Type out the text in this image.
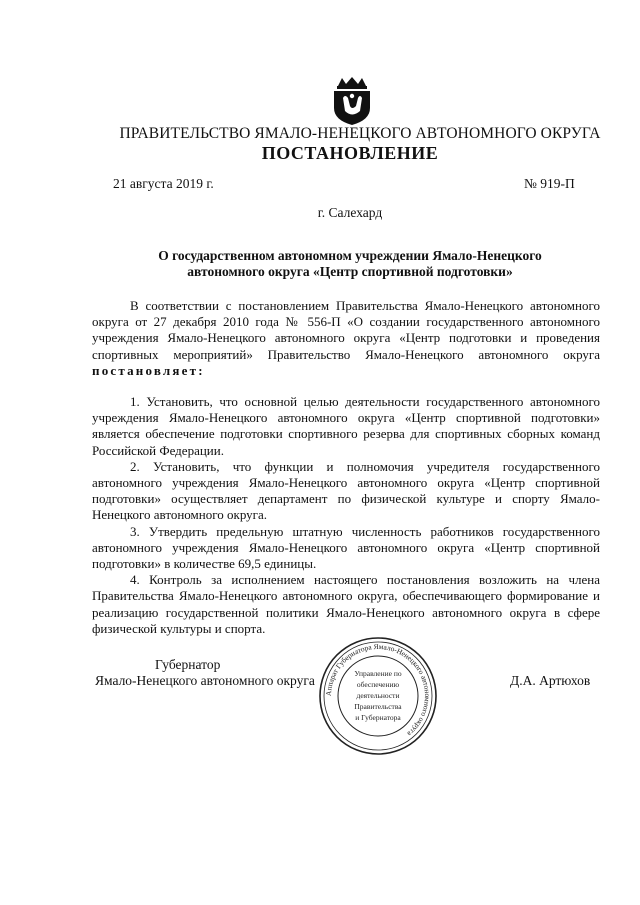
ПРАВИТЕЛЬСТВО ЯМАЛО-НЕНЕЦКОГО АВТОНОМНОГО ОКРУГА
ПОСТАНОВЛЕНИЕ
21 августа 2019 г.	№ 919-П
г. Салехард
О государственном автономном учреждении Ямало-Ненецкого
автономного округа «Центр спортивной подготовки»

В соответствии с постановлением Правительства Ямало-Ненецкого автономного округа от 27 декабря 2010 года № 556-П «О создании государственного автономного учреждения Ямало-Ненецкого автономного округа «Центр подготовки и проведения спортивных мероприятий» Правительство Ямало-Ненецкого автономного округа постановляет:

1. Установить, что основной целью деятельности государственного автономного учреждения Ямало-Ненецкого автономного округа «Центр спортивной подготовки» является обеспечение подготовки спортивного резерва для спортивных сборных команд Российской Федерации.

2. Установить, что функции и полномочия учредителя государственного автономного учреждения Ямало-Ненецкого автономного округа «Центр спортивной подготовки» осуществляет департамент по физической культуре и спорту Ямало-Ненецкого автономного округа.

3. Утвердить предельную штатную численность работников государственного автономного учреждения Ямало-Ненецкого автономного округа «Центр спортивной подготовки» в количестве 69,5 единицы.

4. Контроль за исполнением настоящего постановления возложить на члена Правительства Ямало-Ненецкого автономного округа, обеспечивающего формирование и реализацию государственной политики Ямало-Ненецкого автономного округа в сфере физической культуры и спорта.

Губернатор
Ямало-Ненецкого автономного округа
Аппарат Губернатора Ямало-Ненецкого автономного округа
Управление по
обеспечению
деятельности
Правительства
и Губернатора
Д.А. Артюхов
